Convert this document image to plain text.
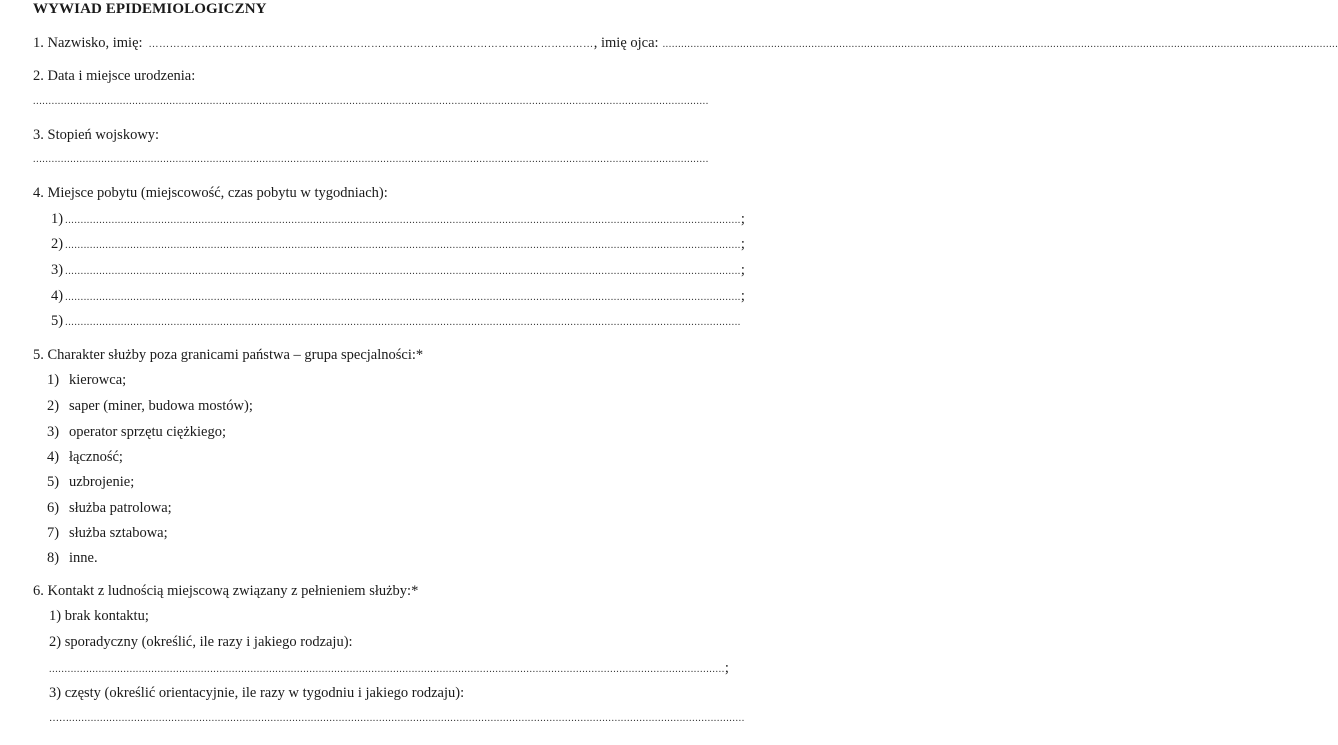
WYWIAD EPIDEMIOLOGICZNY
1. Nazwisko, imię: ……………………………………………………………………………………………………………… , imię ojca: ..........................................................................................................................................................................................................................
2. Data i miejsce urodzenia:
..........................................................................................................................................................................................................................
3. Stopień wojskowy:
..........................................................................................................................................................................................................................
4. Miejsce pobytu (miejscowość, czas pobytu w tygodniach):
1) .......................................................................................................................................................................................................................... ;
2) .......................................................................................................................................................................................................................... ;
3) .......................................................................................................................................................................................................................... ;
4) .......................................................................................................................................................................................................................... ;
5) ..........................................................................................................................................................................................................................
5. Charakter służby poza granicami państwa – grupa specjalności:*
1) kierowca;
2) saper (miner, budowa mostów);
3) operator sprzętu ciężkiego;
4) łączność;
5) uzbrojenie;
6) służba patrolowa;
7) służba sztabowa;
8) inne.
6. Kontakt z ludnością miejscową związany z pełnieniem służby:*
1) brak kontaktu;
2) sporadyczny (określić, ile razy i jakiego rodzaju):
.......................................................................................................................................................................................................................... ;
3) częsty (określić orientacyjnie, ile razy w tygodniu i jakiego rodzaju):
…… ..........................................................................................................................................................................................................................
